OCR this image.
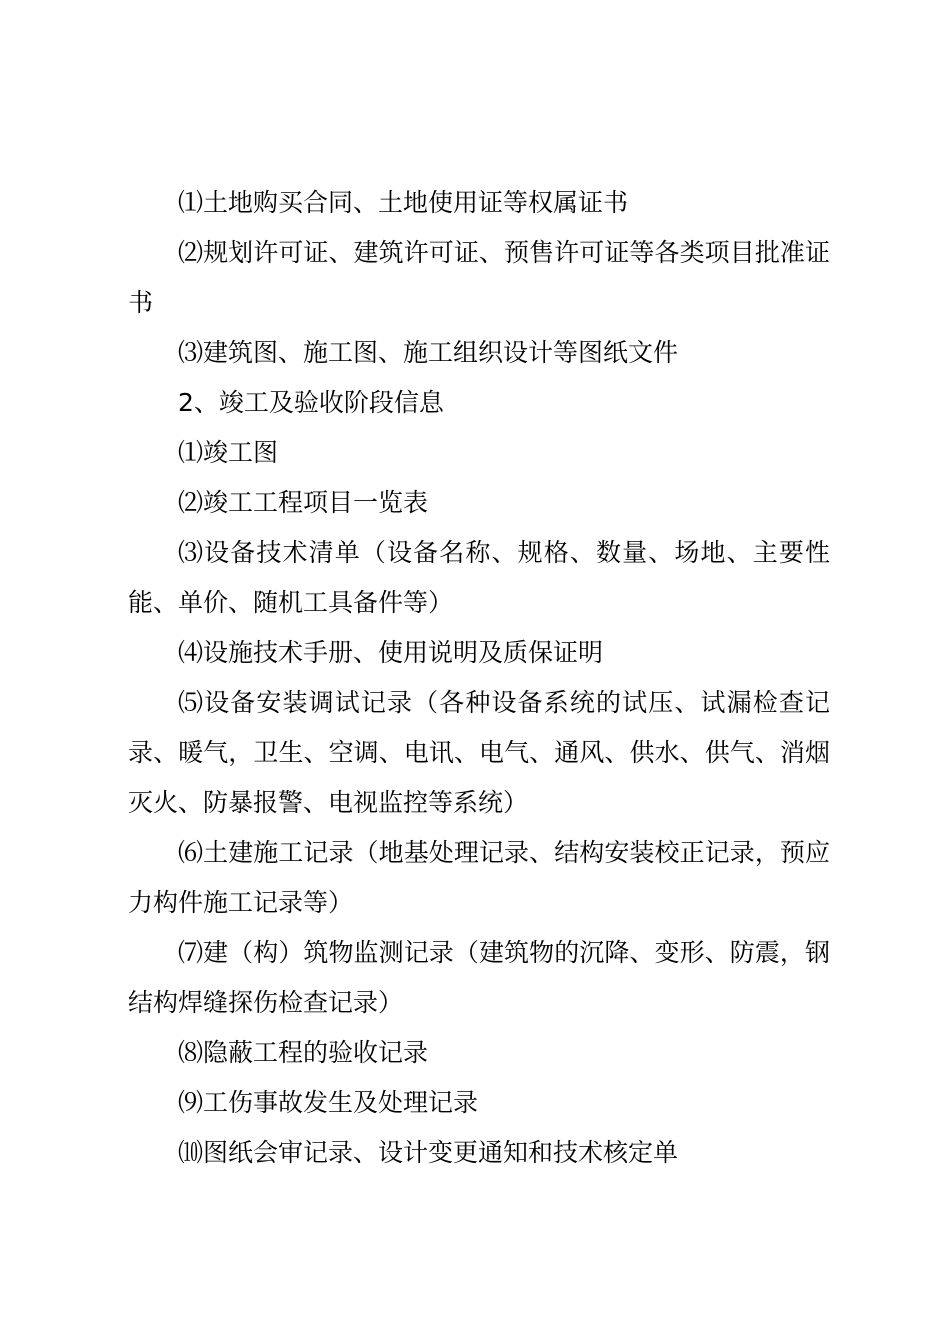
⑴土地购买合同、土地使用证等权属证书

⑵规划许可证、建筑许可证、预售许可证等各类项目批准证书

⑶建筑图、施工图、施工组织设计等图纸文件

2、竣工及验收阶段信息

⑴竣工图

⑵竣工工程项目一览表

⑶设备技术清单（设备名称、规格、数量、场地、主要性能、单价、随机工具备件等）

⑷设施技术手册、使用说明及质保证明

⑸设备安装调试记录（各种设备系统的试压、试漏检查记录、暖气，卫生、空调、电讯、电气、通风、供水、供气、消烟灭火、防暴报警、电视监控等系统）

⑹土建施工记录（地基处理记录、结构安装校正记录，预应力构件施工记录等）

⑺建（构）筑物监测记录（建筑物的沉降、变形、防震，钢结构焊缝探伤检查记录）

⑻隐蔽工程的验收记录

⑼工伤事故发生及处理记录

⑽图纸会审记录、设计变更通知和技术核定单
